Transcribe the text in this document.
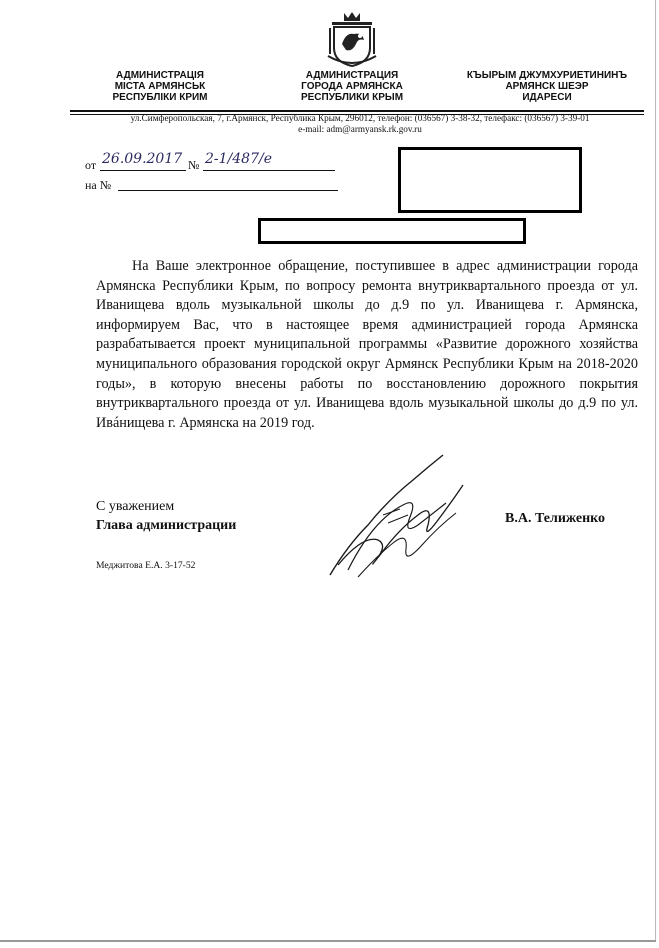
АДМИНИСТРАЦІЯ
МІСТА АРМЯНСЬК
РЕСПУБЛІКИ КРИМ
АДМИНИСТРАЦИЯ
ГОРОДА АРМЯНСКА
РЕСПУБЛИКИ КРЫМ
КЪЫРЫМ ДЖУМХУРИЕТИНИНЪ
АРМЯНСК ШЕЭР
ИДАРЕСИ
ул.Симферопольская, 7, г.Армянск, Республика Крым, 296012, телефон: (036567) 3-38-32, телефакс: (036567) 3-39-01
e-mail: adm@armyansk.rk.gov.ru
от 26.09.2017 № 2-1/487/е
на №
На Ваше электронное обращение, поступившее в адрес администрации города Армянска Республики Крым, по вопросу ремонта внутриквартального проезда от ул. Иванищева вдоль музыкальной школы до д.9 по ул. Иванищева г. Армянска, информируем Вас, что в настоящее время администрацией города Армянска разрабатывается проект муниципальной программы «Развитие дорожного хозяйства муниципального образования городской округ Армянск Республики Крым на 2018-2020 годы», в которую внесены работы по восстановлению дорожного покрытия внутриквартального проезда от ул. Иванищева вдоль музыкальной школы до д.9 по ул. Ивáнищева г. Армянска на 2019 год.
С уважением
Глава администрации	В.А. Телиженко
Меджитова Е.А. 3-17-52
